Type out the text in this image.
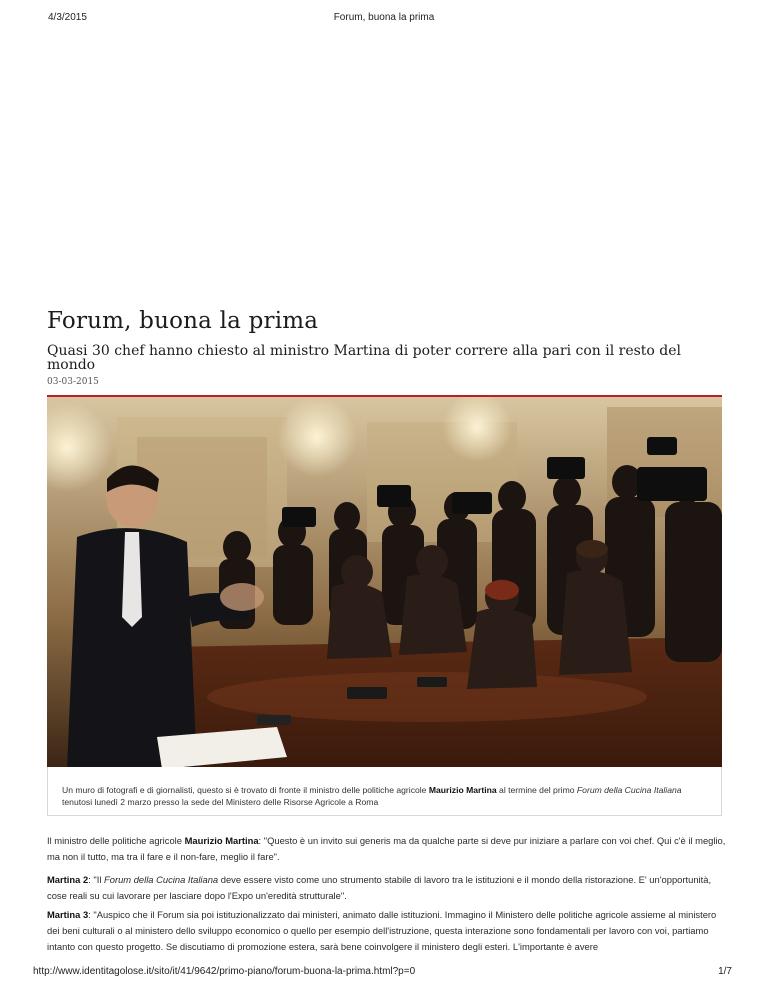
4/3/2015	Forum, buona la prima
Forum, buona la prima
Quasi 30 chef hanno chiesto al ministro Martina di poter correre alla pari con il resto del mondo
03-03-2015

Un muro di fotografi e di giornalisti, questo si è trovato di fronte il ministro delle politiche agricole Maurizio Martina al termine del primo Forum della Cucina Italiana tenutosi lunedì 2 marzo presso la sede del Ministero delle Risorse Agricole a Roma

Il ministro delle politiche agricole Maurizio Martina: "Questo è un invito sui generis ma da qualche parte si deve pur iniziare a parlare con voi chef. Qui c'è il meglio, ma non il tutto, ma tra il fare e il non-fare, meglio il fare".

Martina 2: "Il Forum della Cucina Italiana deve essere visto come uno strumento stabile di lavoro tra le istituzioni e il mondo della ristorazione. E' un'opportunità, cose reali su cui lavorare per lasciare dopo l'Expo un'eredità strutturale".

Martina 3: "Auspico che il Forum sia poi istituzionalizzato dai ministeri, animato dalle istituzioni. Immagino il Ministero delle politiche agricole assieme al ministero dei beni culturali o al ministero dello sviluppo economico o quello per esempio dell'istruzione, questa interazione sono fondamentali per lavoro con voi, partiamo intanto con questo progetto. Se discutiamo di promozione estera, sarà bene coinvolgere il ministero degli esteri. L'importante è avere

http://www.identitagolose.it/sito/it/41/9642/primo-piano/forum-buona-la-prima.html?p=0	1/7
